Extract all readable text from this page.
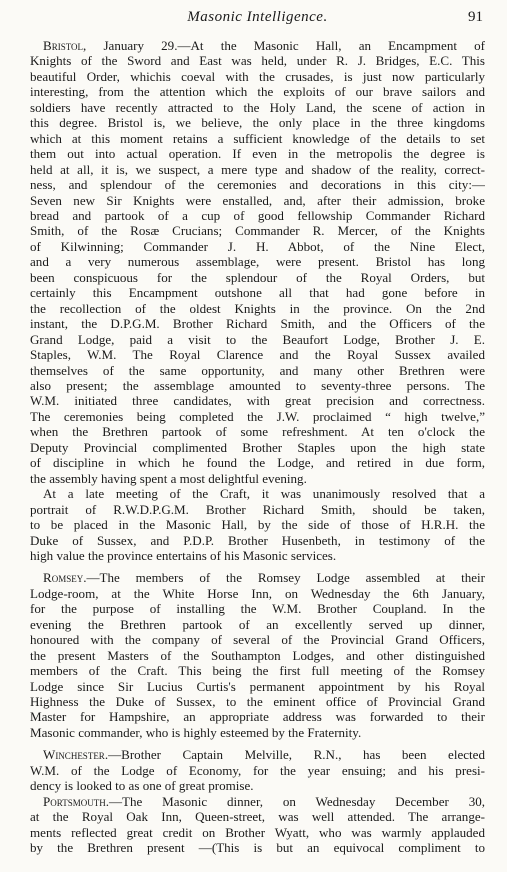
Masonic Intelligence.	91
Bristol, January 29.—At the Masonic Hall, an Encampment of
Knights of the Sword and East was held, under R. J. Bridges, E.C. This
beautiful Order, whichis coeval with the crusades, is just now particularly
interesting, from the attention which the exploits of our brave sailors and
soldiers have recently attracted to the Holy Land, the scene of action in
this degree. Bristol is, we believe, the only place in the three kingdoms
which at this moment retains a sufficient knowledge of the details to set
them out into actual operation. If even in the metropolis the degree is
held at all, it is, we suspect, a mere type and shadow of the reality, correct-
ness, and splendour of the ceremonies and decorations in this city:—
Seven new Sir Knights were enstalled, and, after their admission, broke
bread and partook of a cup of good fellowship Commander Richard
Smith, of the Rosæ Crucians; Commander R. Mercer, of the Knights
of Kilwinning; Commander J. H. Abbot, of the Nine Elect,
and a very numerous assemblage, were present. Bristol has long
been conspicuous for the splendour of the Royal Orders, but
certainly this Encampment outshone all that had gone before in
the recollection of the oldest Knights in the province. On the 2nd
instant, the D.P.G.M. Brother Richard Smith, and the Officers of the
Grand Lodge, paid a visit to the Beaufort Lodge, Brother J. E.
Staples, W.M. The Royal Clarence and the Royal Sussex availed
themselves of the same opportunity, and many other Brethren were
also present; the assemblage amounted to seventy-three persons. The
W.M. initiated three candidates, with great precision and correctness.
The ceremonies being completed the J.W. proclaimed “ high twelve,”
when the Brethren partook of some refreshment. At ten o'clock the
Deputy Provincial complimented Brother Staples upon the high state
of discipline in which he found the Lodge, and retired in due form,
the assembly having spent a most delightful evening.
At a late meeting of the Craft, it was unanimously resolved that a
portrait of R.W.D.P.G.M. Brother Richard Smith, should be taken,
to be placed in the Masonic Hall, by the side of those of H.R.H. the
Duke of Sussex, and P.D.P. Brother Husenbeth, in testimony of the
high value the province entertains of his Masonic services.
Romsey.—The members of the Romsey Lodge assembled at their
Lodge-room, at the White Horse Inn, on Wednesday the 6th January,
for the purpose of installing the W.M. Brother Coupland. In the
evening the Brethren partook of an excellently served up dinner,
honoured with the company of several of the Provincial Grand Officers,
the present Masters of the Southampton Lodges, and other distinguished
members of the Craft. This being the first full meeting of the Romsey
Lodge since Sir Lucius Curtis's permanent appointment by his Royal
Highness the Duke of Sussex, to the eminent office of Provincial Grand
Master for Hampshire, an appropriate address was forwarded to their
Masonic commander, who is highly esteemed by the Fraternity.
Winchester.—Brother Captain Melville, R.N., has been elected
W.M. of the Lodge of Economy, for the year ensuing; and his presi-
dency is looked to as one of great promise.
Portsmouth.—The Masonic dinner, on Wednesday December 30,
at the Royal Oak Inn, Queen-street, was well attended. The arrange-
ments reflected great credit on Brother Wyatt, who was warmly applauded
by the Brethren present —(This is but an equivocal compliment to
